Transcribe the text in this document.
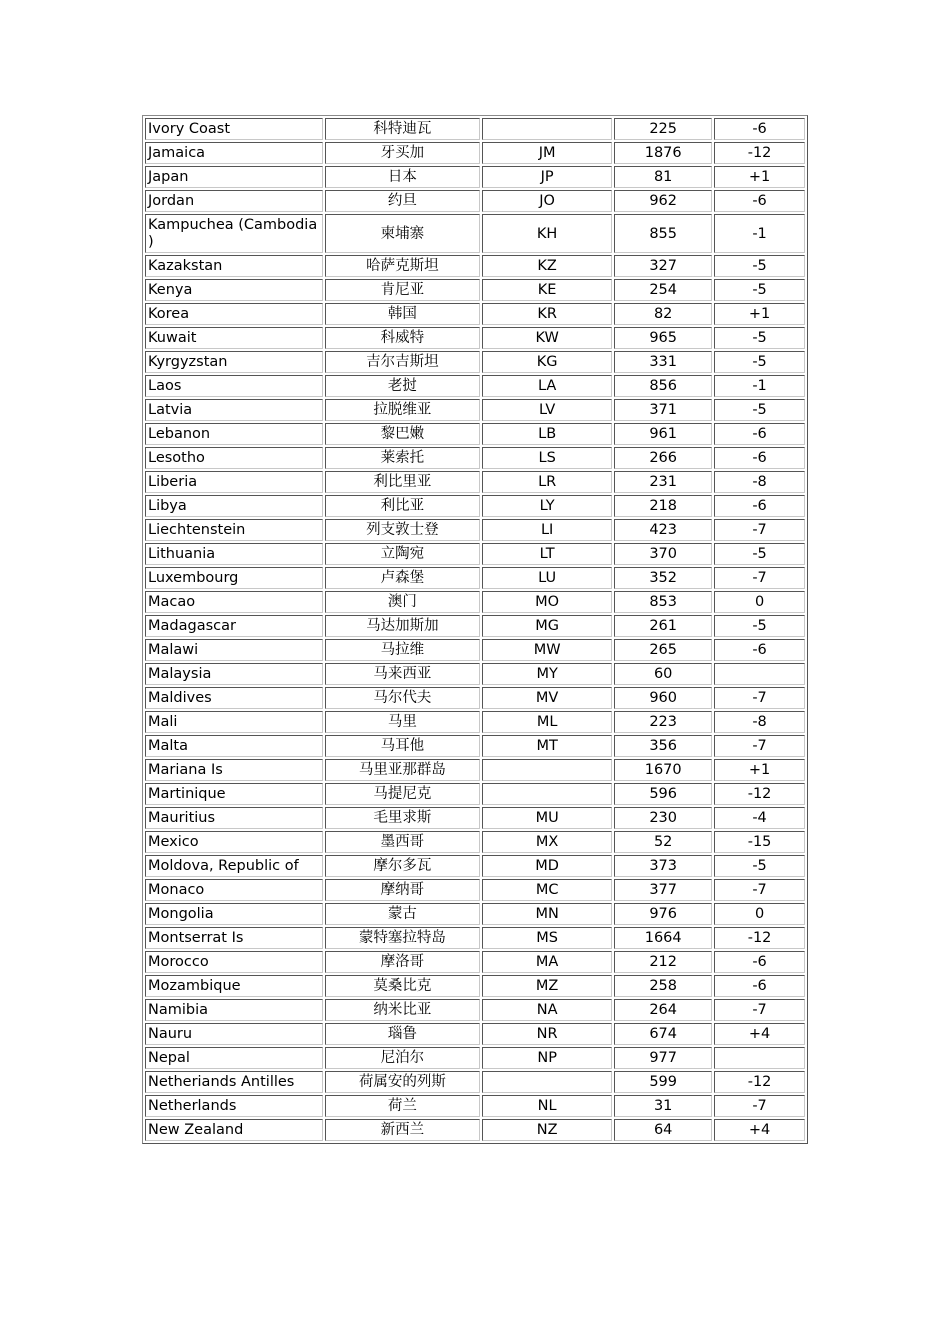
Ivory Coast	科特迪瓦		225	-6
Jamaica	牙买加	JM	1876	-12
Japan	日本	JP	81	+1
Jordan	约旦	JO	962	-6
Kampuchea (Cambodia )	柬埔寨	KH	855	-1
Kazakstan	哈萨克斯坦	KZ	327	-5
Kenya	肯尼亚	KE	254	-5
Korea	韩国	KR	82	+1
Kuwait	科威特	KW	965	-5
Kyrgyzstan	吉尔吉斯坦	KG	331	-5
Laos	老挝	LA	856	-1
Latvia	拉脱维亚	LV	371	-5
Lebanon	黎巴嫩	LB	961	-6
Lesotho	莱索托	LS	266	-6
Liberia	利比里亚	LR	231	-8
Libya	利比亚	LY	218	-6
Liechtenstein	列支敦士登	LI	423	-7
Lithuania	立陶宛	LT	370	-5
Luxembourg	卢森堡	LU	352	-7
Macao	澳门	MO	853	0
Madagascar	马达加斯加	MG	261	-5
Malawi	马拉维	MW	265	-6
Malaysia	马来西亚	MY	60	
Maldives	马尔代夫	MV	960	-7
Mali	马里	ML	223	-8
Malta	马耳他	MT	356	-7
Mariana Is	马里亚那群岛		1670	+1
Martinique	马提尼克		596	-12
Mauritius	毛里求斯	MU	230	-4
Mexico	墨西哥	MX	52	-15
Moldova, Republic of	摩尔多瓦	MD	373	-5
Monaco	摩纳哥	MC	377	-7
Mongolia	蒙古	MN	976	0
Montserrat Is	蒙特塞拉特岛	MS	1664	-12
Morocco	摩洛哥	MA	212	-6
Mozambique	莫桑比克	MZ	258	-6
Namibia	纳米比亚	NA	264	-7
Nauru	瑙鲁	NR	674	+4
Nepal	尼泊尔	NP	977	
Netheriands Antilles	荷属安的列斯		599	-12
Netherlands	荷兰	NL	31	-7
New Zealand	新西兰	NZ	64	+4
